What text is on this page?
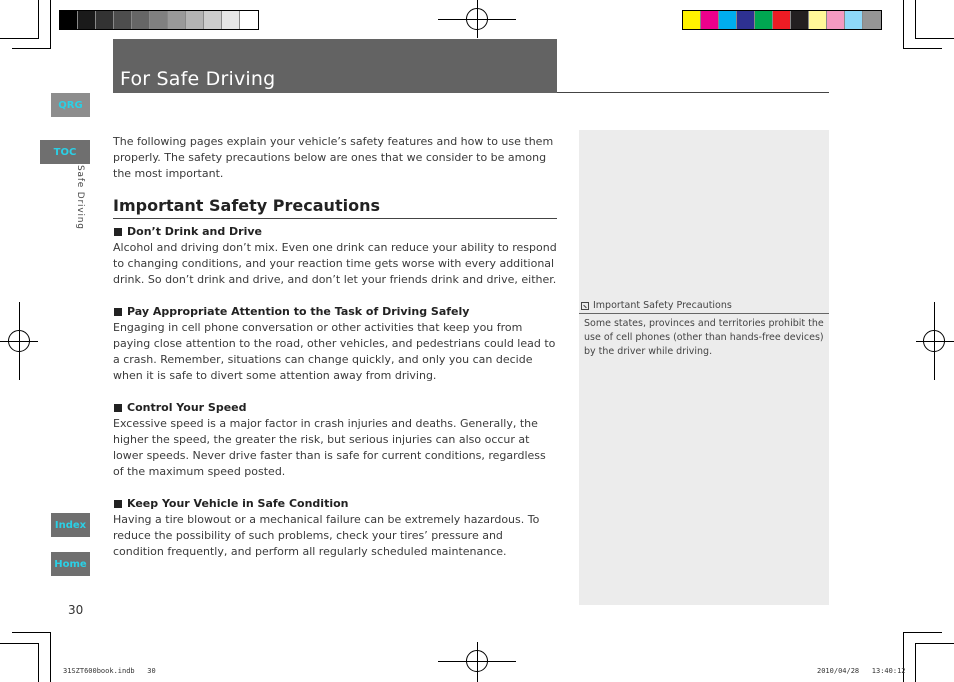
For Safe Driving
QRG
TOC
Safe Driving
Index
Home

The following pages explain your vehicle’s safety features and how to use them properly. The safety precautions below are ones that we consider to be among the most important.

Important Safety Precautions
Don’t Drink and Drive

Alcohol and driving don’t mix. Even one drink can reduce your ability to respond to changing conditions, and your reaction time gets worse with every additional drink. So don’t drink and drive, and don’t let your friends drink and drive, either.

Pay Appropriate Attention to the Task of Driving Safely

Engaging in cell phone conversation or other activities that keep you from paying close attention to the road, other vehicles, and pedestrians could lead to a crash. Remember, situations can change quickly, and only you can decide when it is safe to divert some attention away from driving.

Control Your Speed

Excessive speed is a major factor in crash injuries and deaths. Generally, the higher the speed, the greater the risk, but serious injuries can also occur at lower speeds. Never drive faster than is safe for current conditions, regardless of the maximum speed posted.

Keep Your Vehicle in Safe Condition

Having a tire blowout or a mechanical failure can be extremely hazardous. To reduce the possibility of such problems, check your tires’ pressure and condition frequently, and perform all regularly scheduled maintenance.

Important Safety Precautions

Some states, provinces and territories prohibit the use of cell phones (other than hands-free devices) by the driver while driving.

30
31SZT600book.indb   30	2010/04/28   13:40:12
